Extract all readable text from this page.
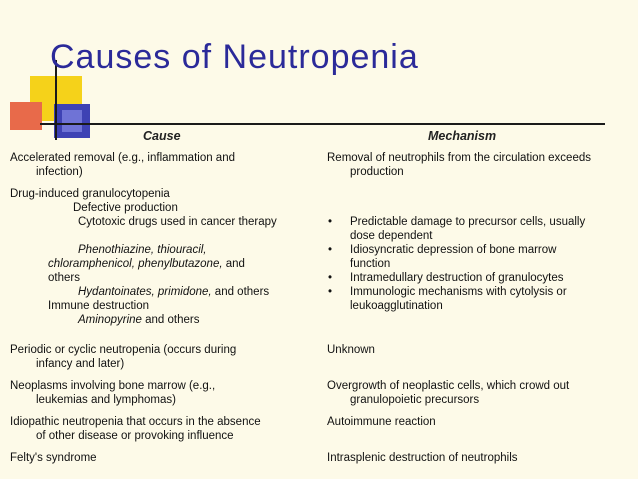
Causes of Neutropenia
Cause	Mechanism
Accelerated removal (e.g., inflammation and
infection)
Removal of neutrophils from the circulation exceeds
production
Drug-induced granulocytopenia
Defective production
Cytotoxic drugs used in cancer therapy
Phenothiazine, thiouracil,
chloramphenicol, phenylbutazone, and
others
Hydantoinates, primidone, and others
Immune destruction
Aminopyrine and others
• Predictable damage to precursor cells, usually
dose dependent
• Idiosyncratic depression of bone marrow
function
• Intramedullary destruction of granulocytes
• Immunologic mechanisms with cytolysis or
leukoagglutination
Periodic or cyclic neutropenia (occurs during
infancy and later)
Unknown
Neoplasms involving bone marrow (e.g.,
leukemias and lymphomas)
Overgrowth of neoplastic cells, which crowd out
granulopoietic precursors
Idiopathic neutropenia that occurs in the absence
of other disease or provoking influence
Autoimmune reaction
Felty's syndrome	Intrasplenic destruction of neutrophils
